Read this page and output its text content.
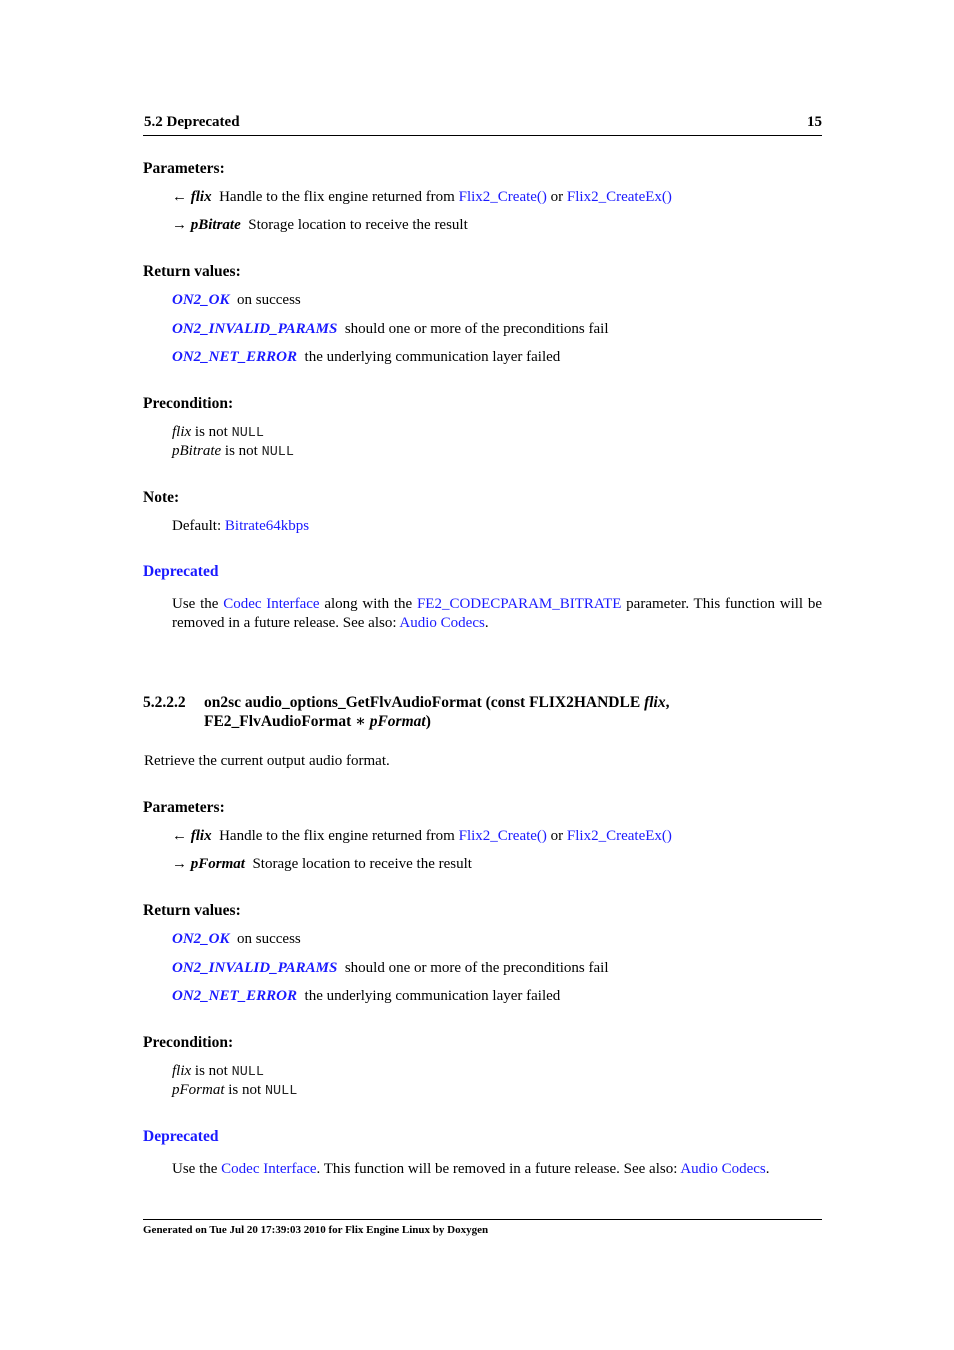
5.2 Deprecated	15
Parameters:
← flix Handle to the flix engine returned from Flix2_Create() or Flix2_CreateEx()
→ pBitrate Storage location to receive the result
Return values:
ON2_OK on success
ON2_INVALID_PARAMS should one or more of the preconditions fail
ON2_NET_ERROR the underlying communication layer failed
Precondition:
flix is not NULL
pBitrate is not NULL
Note:
Default: Bitrate64kbps
Deprecated
Use the Codec Interface along with the FE2_CODECPARAM_BITRATE parameter. This function will be removed in a future release. See also: Audio Codecs.
5.2.2.2 on2sc audio_options_GetFlvAudioFormat (const FLIX2HANDLE flix,
FE2_FlvAudioFormat ∗ pFormat)
Retrieve the current output audio format.
Parameters:
← flix Handle to the flix engine returned from Flix2_Create() or Flix2_CreateEx()
→ pFormat Storage location to receive the result
Return values:
ON2_OK on success
ON2_INVALID_PARAMS should one or more of the preconditions fail
ON2_NET_ERROR the underlying communication layer failed
Precondition:
flix is not NULL
pFormat is not NULL
Deprecated
Use the Codec Interface. This function will be removed in a future release. See also: Audio Codecs.
Generated on Tue Jul 20 17:39:03 2010 for Flix Engine Linux by Doxygen
